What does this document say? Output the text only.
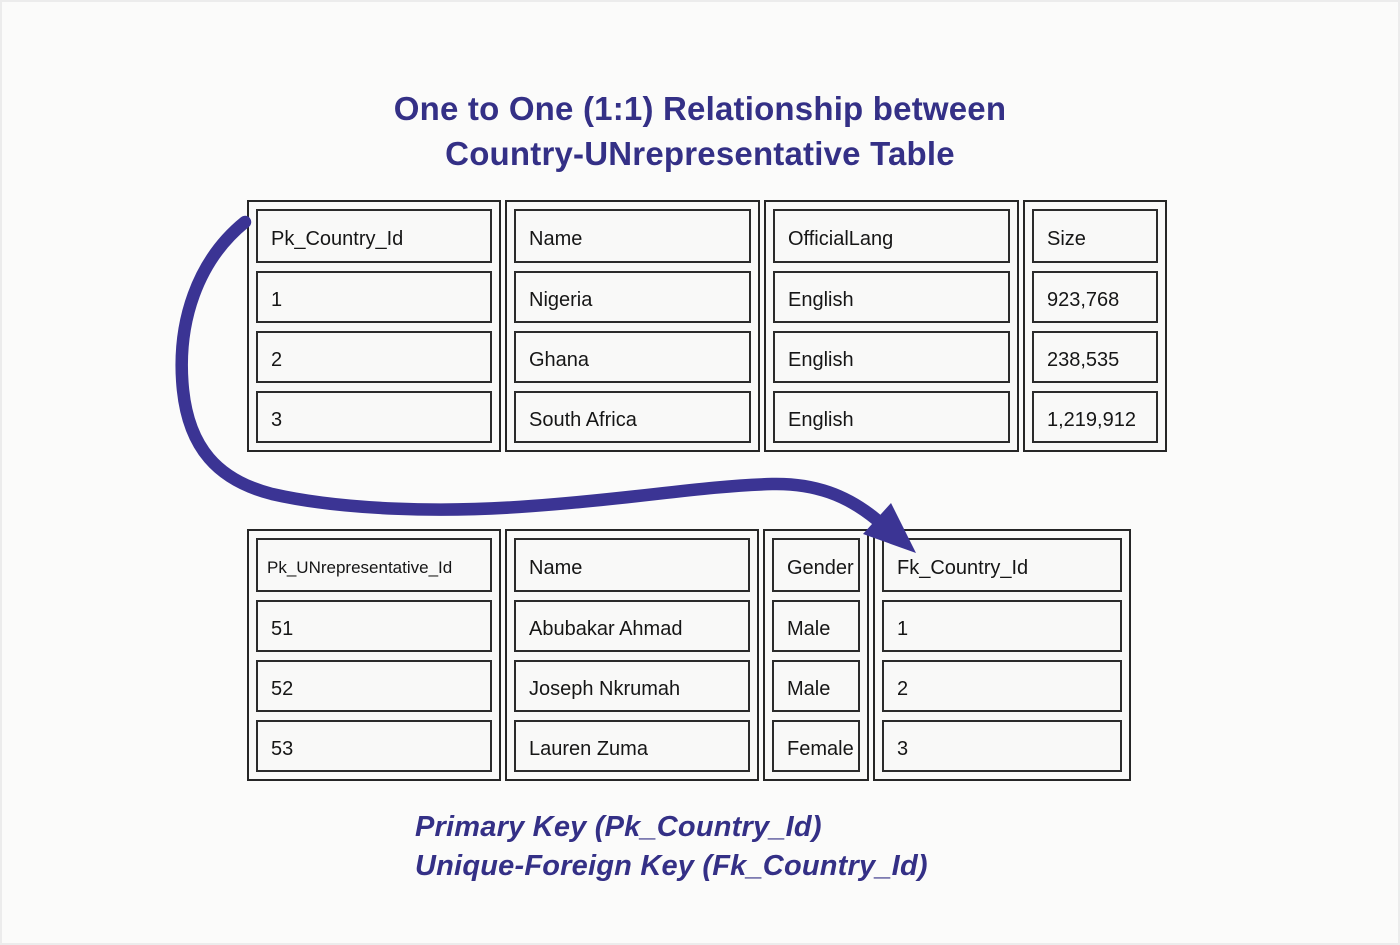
One to One (1:1) Relationship between
Country-UNrepresentative Table
Pk_Country_Id
1
2
3
Name
Nigeria
Ghana
South Africa
OfficialLang
English
English
English
Size
923,768
238,535
1,219,912
Pk_UNrepresentative_Id
51
52
53
Name
Abubakar Ahmad
Joseph Nkrumah
Lauren Zuma
Gender
Male
Male
Female
Fk_Country_Id
1
2
3
Primary Key (Pk_Country_Id)
Unique-Foreign Key (Fk_Country_Id)
